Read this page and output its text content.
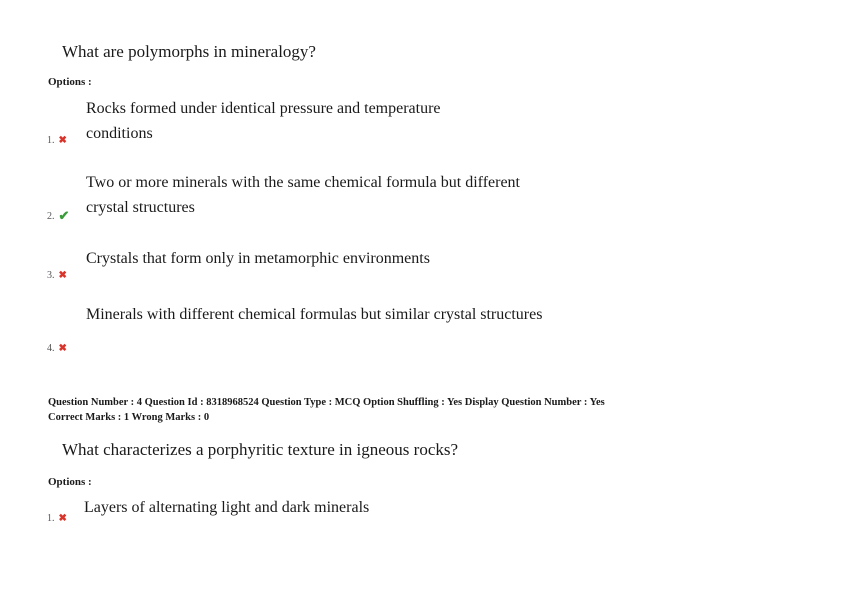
What are polymorphs in mineralogy?
Options :
Rocks formed under identical pressure and temperature conditions
1. ✖
Two or more minerals with the same chemical formula but different crystal structures
2. ✔
Crystals that form only in metamorphic environments
3. ✖
Minerals with different chemical formulas but similar crystal structures
4. ✖
Question Number : 4 Question Id : 8318968524 Question Type : MCQ Option Shuffling : Yes Display Question Number : Yes
Correct Marks : 1 Wrong Marks : 0
What characterizes a porphyritic texture in igneous rocks?
Options :
Layers of alternating light and dark minerals
1. ✖
